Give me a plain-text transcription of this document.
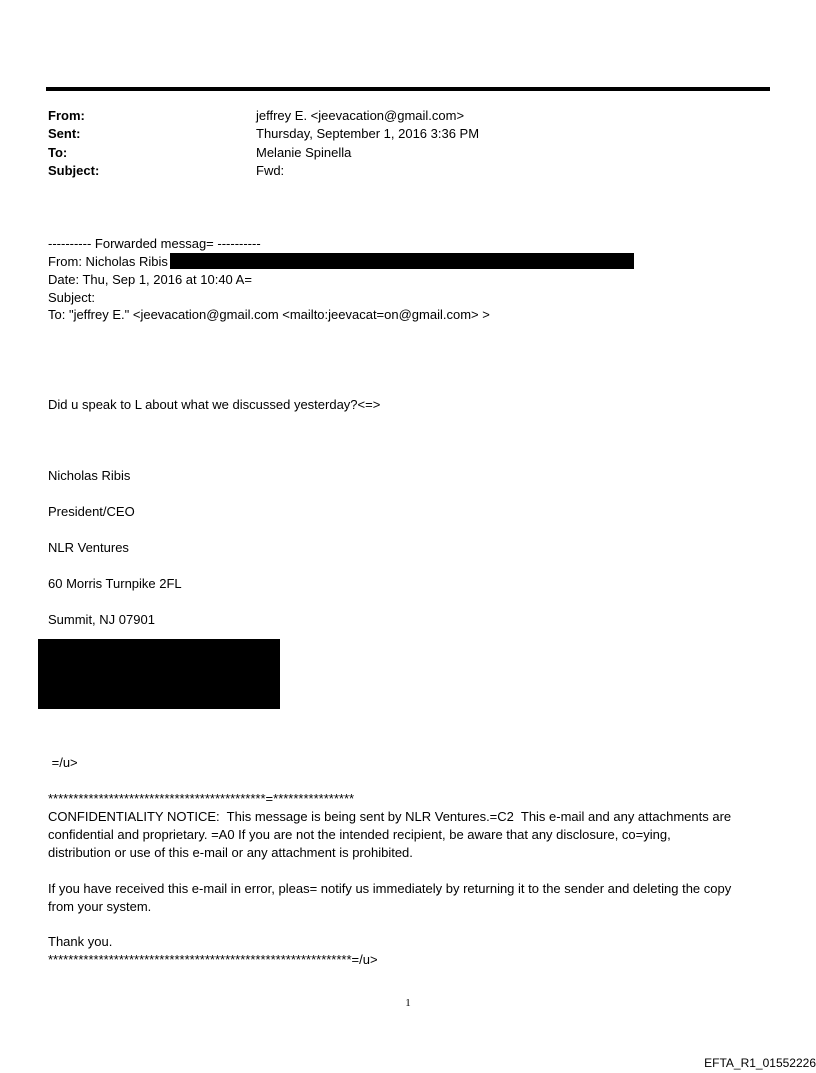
From:	jeffrey E. <jeevacation@gmail.com>
Sent:	Thursday, September 1, 2016 3:36 PM
To:	Melanie Spinella
Subject:	Fwd:
---------- Forwarded messag= ----------
From: Nicholas Ribis
Date: Thu, Sep 1, 2016 at 10:40 A=
Subject:
To: "jeffrey E." <jeevacation@gmail.com <mailto:jeevacat=on@gmail.com> >
Did u speak to L about what we discussed yesterday?<=>
Nicholas Ribis
President/CEO
NLR Ventures
60 Morris Turnpike 2FL
Summit, NJ 07901
=/u>
*******************************************=****************
CONFIDENTIALITY NOTICE:  This message is being sent by NLR Ventures.=C2  This e-mail and any attachments are
confidential and proprietary. =A0 If you are not the intended recipient, be aware that any disclosure, co=ying,
distribution or use of this e-mail or any attachment is prohibited.
If you have received this e-mail in error, pleas= notify us immediately by returning it to the sender and deleting the copy
from your system.
Thank you.
************************************************************=/u>
1
EFTA_R1_01552226
